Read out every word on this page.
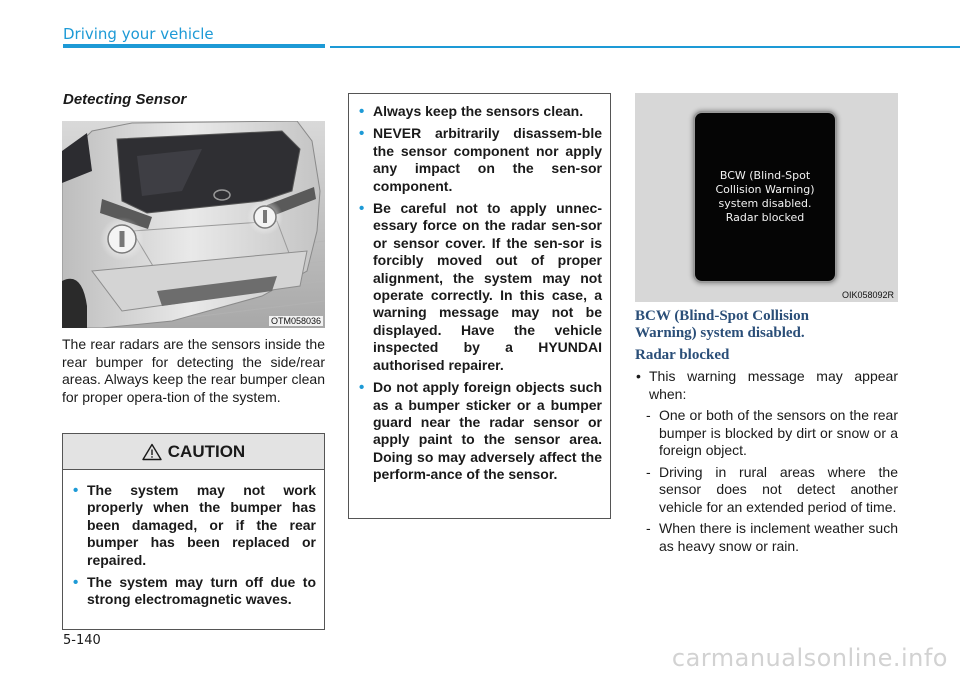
Driving your vehicle
Detecting Sensor
OTM058036
The rear radars are the sensors inside the rear bumper for detecting the side/rear areas. Always keep the rear bumper clean for proper opera-tion of the system.
CAUTION
• The system may not work properly when the bumper has been damaged, or if the rear bumper has been replaced or repaired.
• The system may turn off due to strong electromagnetic waves.
• Always keep the sensors clean.
• NEVER arbitrarily disassem-ble the sensor component nor apply any impact on the sen-sor component.
• Be careful not to apply unnec-essary force on the radar sen-sor or sensor cover. If the sen-sor is forcibly moved out of proper alignment, the system may not operate correctly. In this case, a warning message may not be displayed. Have the vehicle inspected by a HYUNDAI authorised repairer.
• Do not apply foreign objects such as a bumper sticker or a bumper guard near the radar sensor or apply paint to the sensor area. Doing so may adversely affect the perform-ance of the sensor.
BCW (Blind-Spot
Collision Warning)
system disabled.
Radar blocked
OIK058092R
BCW (Blind-Spot Collision
Warning) system disabled.
Radar blocked
• This warning message may appear when:
- One or both of the sensors on the rear bumper is blocked by dirt or snow or a foreign object.
- Driving in rural areas where the sensor does not detect another vehicle for an extended period of time.
- When there is inclement weather such as heavy snow or rain.
5-140
carmanualsonline.info
